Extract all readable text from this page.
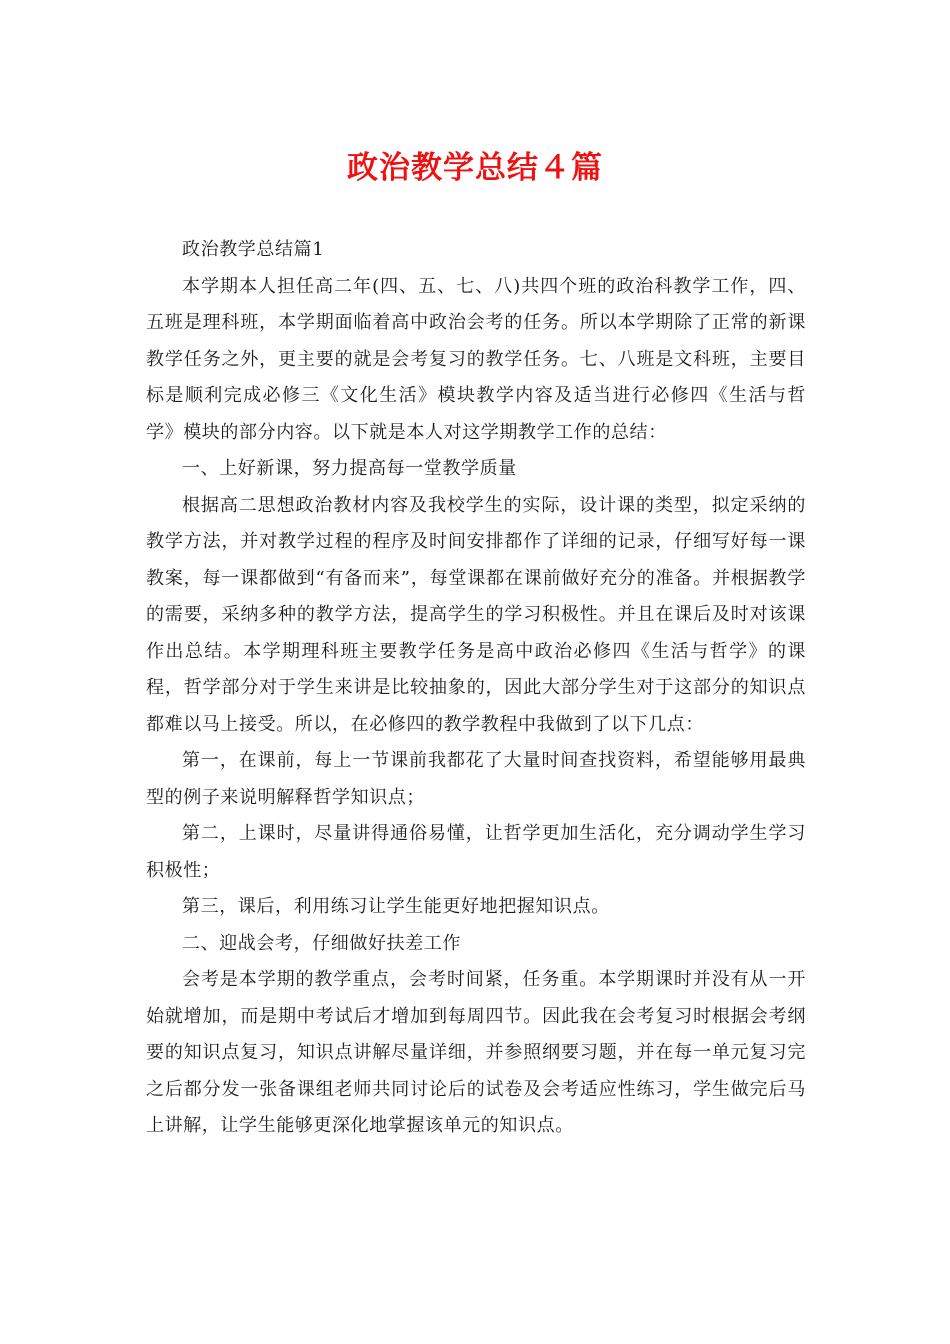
政治教学总结４篇

政治教学总结篇1

本学期本人担任高二年(四、五、七、八)共四个班的政治科教学工作，四、五班是理科班，本学期面临着高中政治会考的任务。所以本学期除了正常的新课教学任务之外，更主要的就是会考复习的教学任务。七、八班是文科班，主要目标是顺利完成必修三《文化生活》模块教学内容及适当进行必修四《生活与哲学》模块的部分内容。以下就是本人对这学期教学工作的总结：

一、上好新课，努力提高每一堂教学质量

根据高二思想政治教材内容及我校学生的实际，设计课的类型，拟定采纳的教学方法，并对教学过程的程序及时间安排都作了详细的记录，仔细写好每一课教案，每一课都做到“有备而来”，每堂课都在课前做好充分的准备。并根据教学的需要，采纳多种的教学方法，提高学生的学习积极性。并且在课后及时对该课作出总结。本学期理科班主要教学任务是高中政治必修四《生活与哲学》的课程，哲学部分对于学生来讲是比较抽象的，因此大部分学生对于这部分的知识点都难以马上接受。所以，在必修四的教学教程中我做到了以下几点：

第一，在课前，每上一节课前我都花了大量时间查找资料，希望能够用最典型的例子来说明解释哲学知识点；

第二，上课时，尽量讲得通俗易懂，让哲学更加生活化，充分调动学生学习积极性；

第三，课后，利用练习让学生能更好地把握知识点。

二、迎战会考，仔细做好扶差工作

会考是本学期的教学重点，会考时间紧，任务重。本学期课时并没有从一开始就增加，而是期中考试后才增加到每周四节。因此我在会考复习时根据会考纲要的知识点复习，知识点讲解尽量详细，并参照纲要习题，并在每一单元复习完之后都分发一张备课组老师共同讨论后的试卷及会考适应性练习，学生做完后马上讲解，让学生能够更深化地掌握该单元的知识点。
